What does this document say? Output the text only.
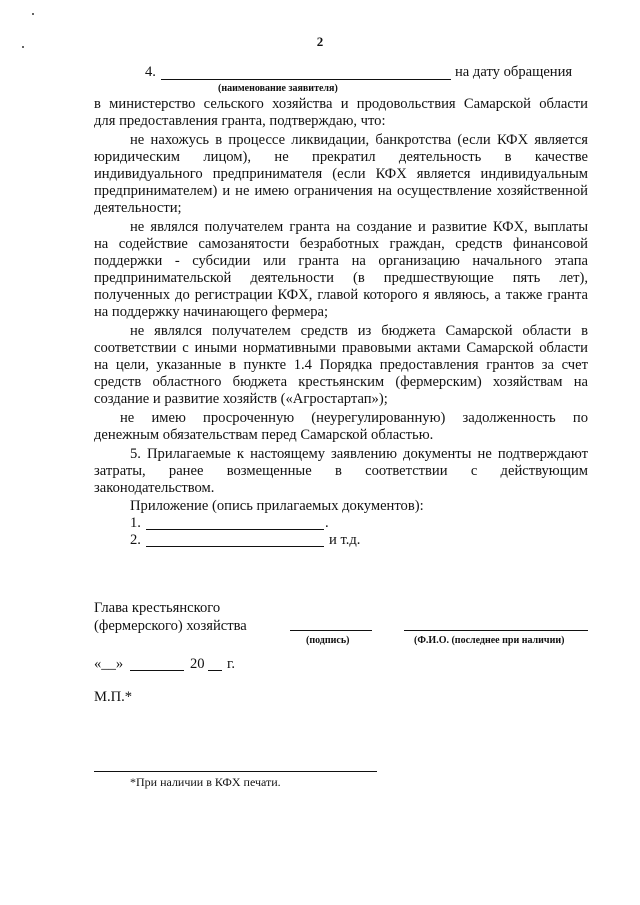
2
4.	на дату обращения
(наименование заявителя)
в министерство сельского хозяйства и продовольствия Самарской области
для предоставления гранта, подтверждаю, что:
не нахожусь в процессе ликвидации, банкротства (если КФХ является
юридическим лицом), не прекратил деятельность в качестве
индивидуального предпринимателя (если КФХ является индивидуальным
предпринимателем) и не имею ограничения на осуществление хозяйственной
деятельности;
не являлся получателем гранта на создание и развитие КФХ, выплаты
на содействие самозанятости безработных граждан, средств финансовой
поддержки - субсидии или гранта на организацию начального этапа
предпринимательской деятельности (в предшествующие пять лет),
полученных до регистрации КФХ, главой которого я являюсь, а также гранта
на поддержку начинающего фермера;
не являлся получателем средств из бюджета Самарской области в
соответствии с иными нормативными правовыми актами Самарской области
на цели, указанные в пункте 1.4 Порядка предоставления грантов за счет
средств областного бюджета крестьянским (фермерским) хозяйствам на
создание и развитие хозяйств («Агростартап»);
не имею просроченную (неурегулированную) задолженность по
денежным обязательствам перед Самарской областью.
5. Прилагаемые к настоящему заявлению документы не подтверждают
затраты, ранее возмещенные в соответствии с действующим
законодательством.
Приложение (опись прилагаемых документов):
1.	.
2.	и т.д.
Глава крестьянского
(фермерского) хозяйства
(подпись)	(Ф.И.О. (последнее при наличии)
«__»	20 г.
М.П.*
*При наличии в КФХ печати.
